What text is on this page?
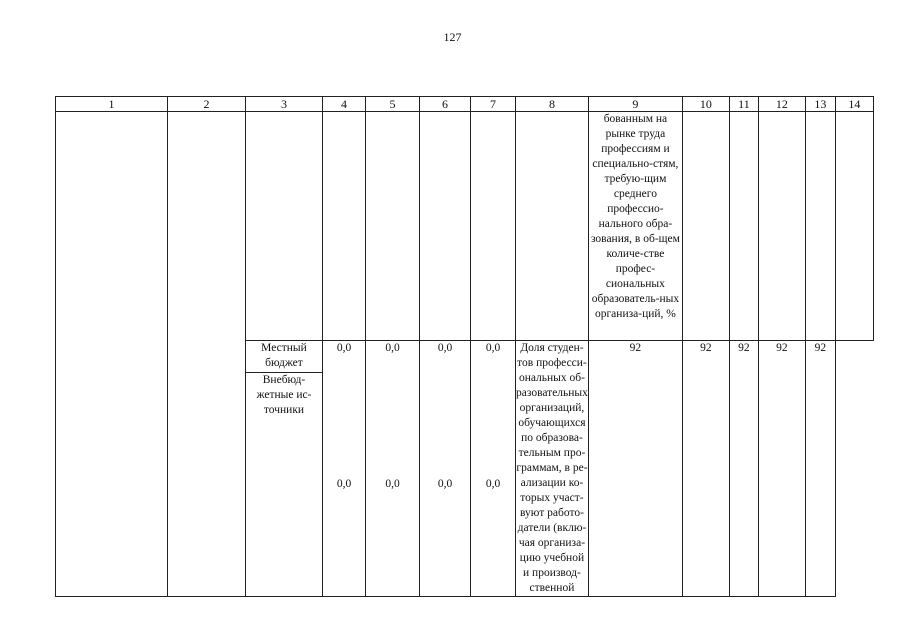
127
1	2	3	4	5	6	7	8	9	10	11	12	13	14
								бованным на рынке труда профессиям и специально-стям, требую-щим среднего профессио-нального обра-зования, в об-щем количе-стве профес-сиональных образователь-ных организа-ций, %					
		Местный бюджет	0,0	0,0	0,0	0,0	Доля студен-тов професси-ональных об-разовательных организаций, обучающихся по образова-тельным про-граммам, в ре-ализации ко-торых участ-вуют работо-датели (вклю-чая организа-цию учебной и производ-ственной	92	92	92	92	92	
		Внебюд-жетные ис-точники	0,0	0,0	0,0	0,0							
